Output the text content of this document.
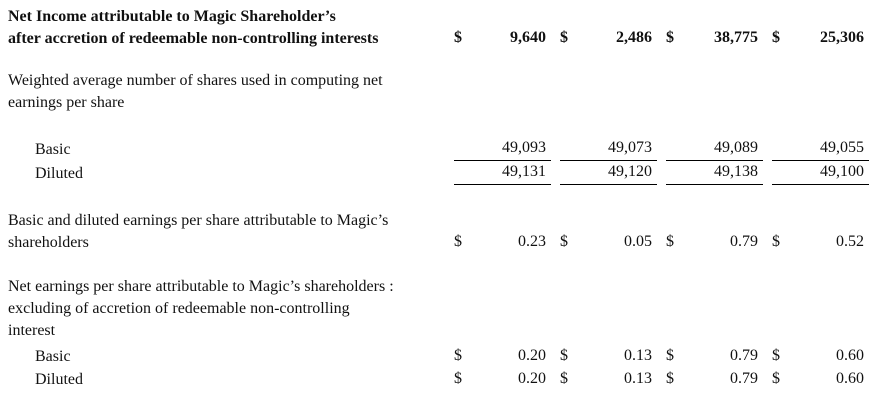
Net Income attributable to Magic Shareholder’s
after accretion of redeemable non-controlling interests	$	9,640	$	2,486	$	38,775	$	25,306

Weighted average number of shares used in computing net
earnings per share				

Basic	49,093	49,073	49,089	49,055

Diluted	49,131	49,120	49,138	49,100

Basic and diluted earnings per share attributable to Magic’s
shareholders	$	0.23	$	0.05	$	0.79	$	0.52

Net earnings per share attributable to Magic’s shareholders :
excluding of accretion of redeemable non-controlling
interest				

Basic	$ 0.20	$ 0.13	$ 0.79	$ 0.60

Diluted	$ 0.20	$ 0.13	$ 0.79	$ 0.60
